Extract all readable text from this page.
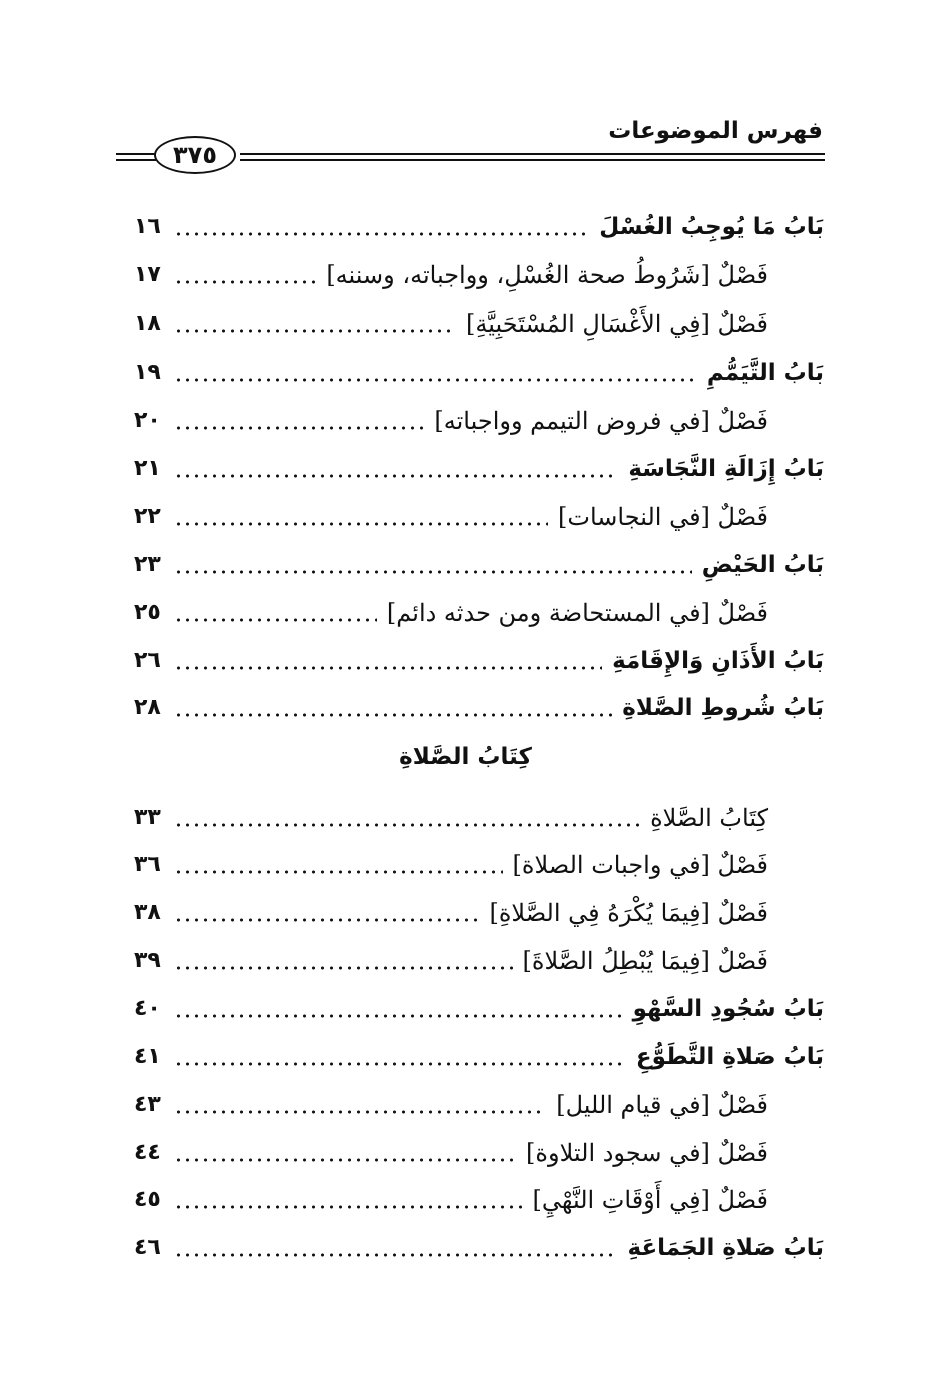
فهرس الموضوعات
٣٧٥
بَابُ مَا يُوجِبُ الغُسْلَ
١٦
فَصْلٌ [شَرُوطُ صحة الغُسْلِ، وواجباته، وسننه]
١٧
فَصْلٌ [فِي الأَغْسَالِ المُسْتَحَبِيَّةِ]
١٨
بَابُ التَّيَمُّمِ
١٩
فَصْلٌ [في فروض التيمم وواجباته]
٢٠
بَابُ إِزَالَةِ النَّجَاسَةِ
٢١
فَصْلٌ [في النجاسات]
٢٢
بَابُ الحَيْضِ
٢٣
فَصْلٌ [في المستحاضة ومن حدثه دائم]
٢٥
بَابُ الأَذَانِ وَالإِقَامَةِ
٢٦
بَابُ شُروطِ الصَّلاةِ
٢٨
كِتَابُ الصَّلاةِ
٣٣
فَصْلٌ [في واجبات الصلاة]
٣٦
فَصْلٌ [فِيمَا يُكْرَهُ فِي الصَّلاةِ]
٣٨
فَصْلٌ [فِيمَا يُبْطِلُ الصَّلاةَ]
٣٩
بَابُ سُجُودِ السَّهْوِ
٤٠
بَابُ صَلاةِ التَّطَوُّعِ
٤١
فَصْلٌ [في قيام الليل]
٤٣
فَصْلٌ [في سجود التلاوة]
٤٤
فَصْلٌ [فِي أَوْقَاتِ النَّهْيِ]
٤٥
بَابُ صَلاةِ الجَمَاعَةِ
٤٦
كِتَابُ الصَّلاةِ
